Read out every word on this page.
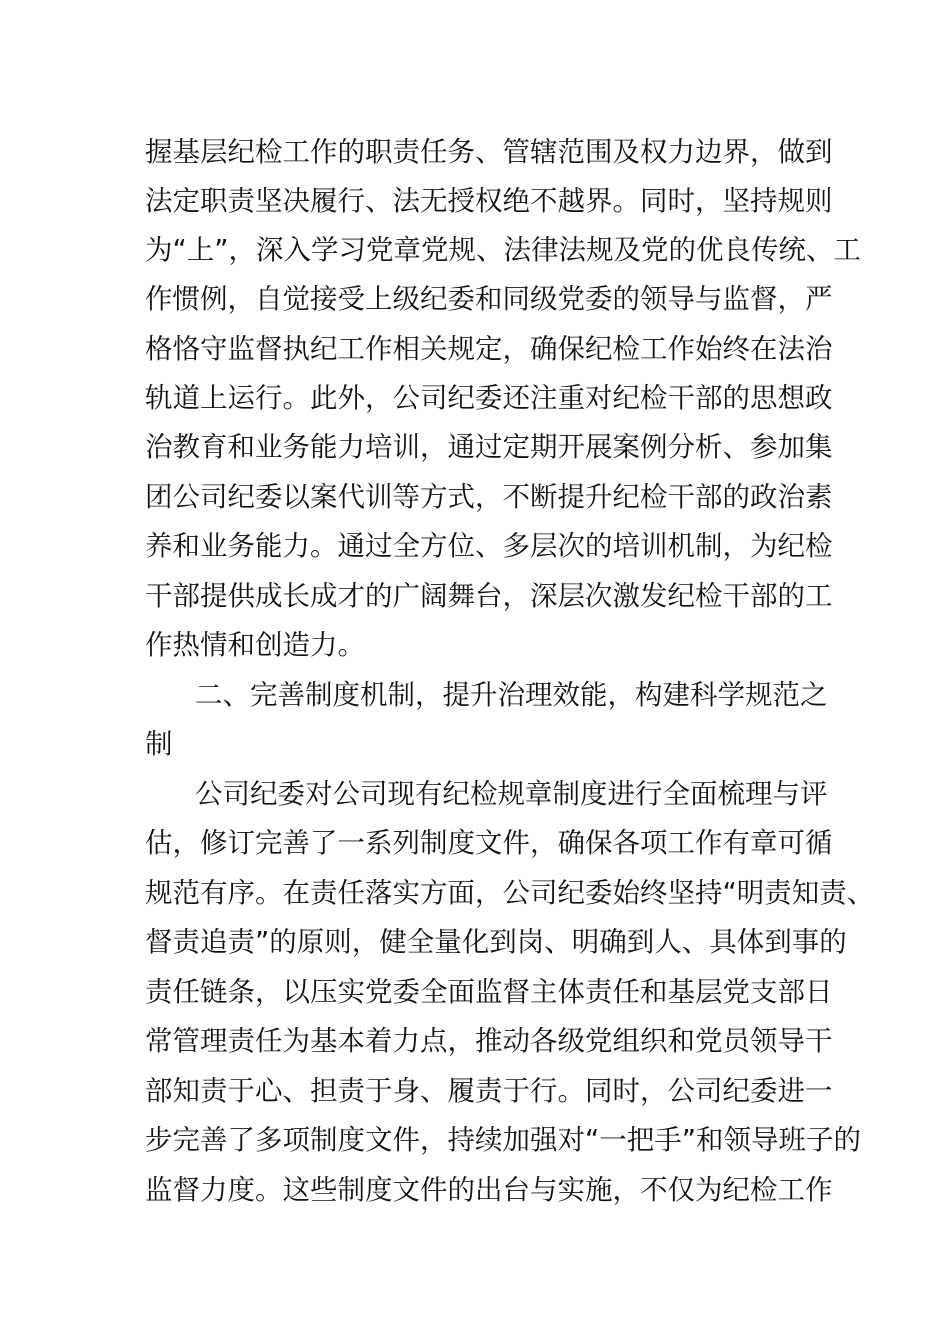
握基层纪检工作的职责任务、管辖范围及权力边界，做到
法定职责坚决履行、法无授权绝不越界。同时，坚持规则
为“上”，深入学习党章党规、法律法规及党的优良传统、工
作惯例，自觉接受上级纪委和同级党委的领导与监督，严
格恪守监督执纪工作相关规定，确保纪检工作始终在法治
轨道上运行。此外，公司纪委还注重对纪检干部的思想政
治教育和业务能力培训，通过定期开展案例分析、参加集
团公司纪委以案代训等方式，不断提升纪检干部的政治素
养和业务能力。通过全方位、多层次的培训机制，为纪检
干部提供成长成才的广阔舞台，深层次激发纪检干部的工
作热情和创造力。
二、完善制度机制，提升治理效能，构建科学规范之
制
公司纪委对公司现有纪检规章制度进行全面梳理与评
估，修订完善了一系列制度文件，确保各项工作有章可循
规范有序。在责任落实方面，公司纪委始终坚持“明责知责、
督责追责”的原则，健全量化到岗、明确到人、具体到事的
责任链条，以压实党委全面监督主体责任和基层党支部日
常管理责任为基本着力点，推动各级党组织和党员领导干
部知责于心、担责于身、履责于行。同时，公司纪委进一
步完善了多项制度文件，持续加强对“一把手”和领导班子的
监督力度。这些制度文件的出台与实施，不仅为纪检工作
